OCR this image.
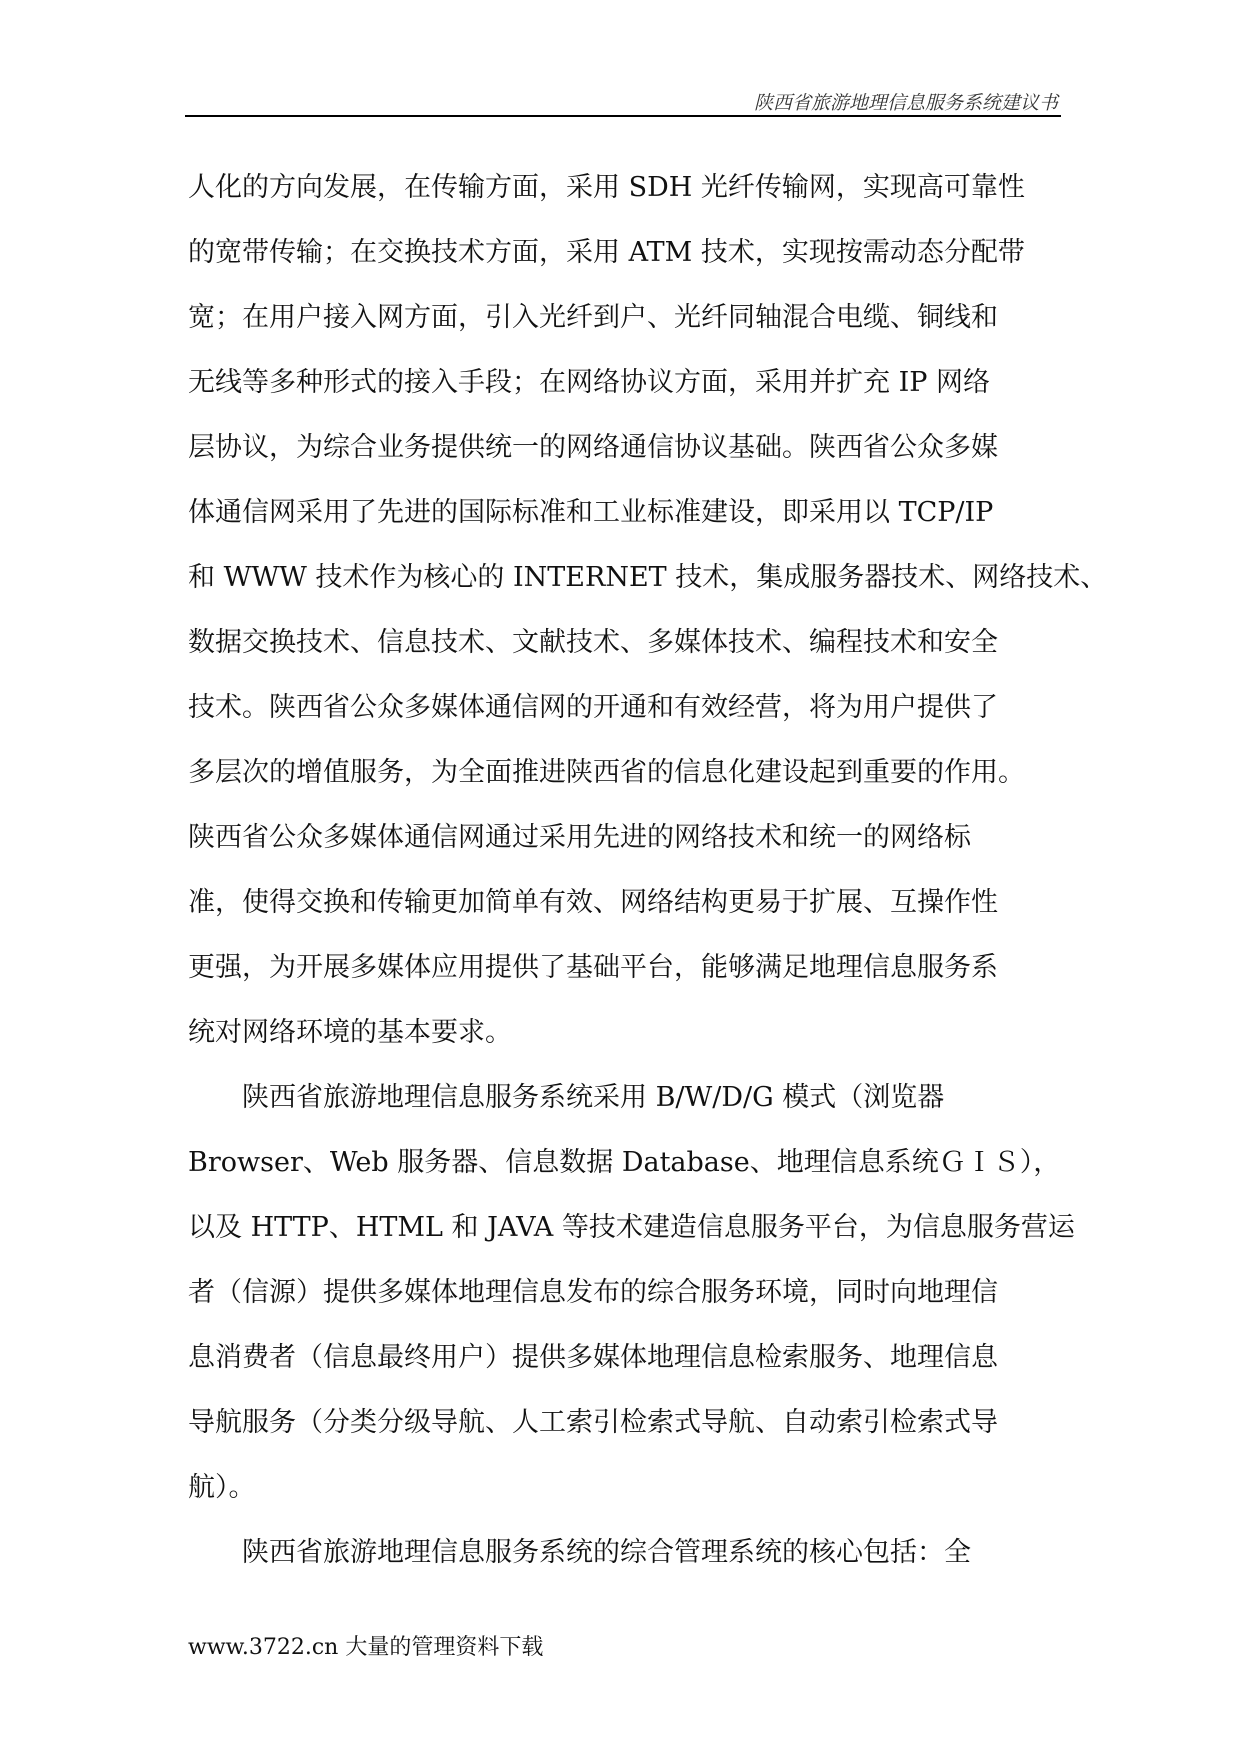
陕西省旅游地理信息服务系统建议书
人化的方向发展，在传输方面，采用 SDH 光纤传输网，实现高可靠性
的宽带传输；在交换技术方面，采用 ATM 技术，实现按需动态分配带
宽；在用户接入网方面，引入光纤到户、光纤同轴混合电缆、铜线和
无线等多种形式的接入手段；在网络协议方面，采用并扩充 IP 网络
层协议，为综合业务提供统一的网络通信协议基础。陕西省公众多媒
体通信网采用了先进的国际标准和工业标准建设，即采用以 TCP/IP
和 WWW 技术作为核心的 INTERNET 技术，集成服务器技术、网络技术、
数据交换技术、信息技术、文献技术、多媒体技术、编程技术和安全
技术。陕西省公众多媒体通信网的开通和有效经营，将为用户提供了
多层次的增值服务，为全面推进陕西省的信息化建设起到重要的作用。
陕西省公众多媒体通信网通过采用先进的网络技术和统一的网络标
准，使得交换和传输更加简单有效、网络结构更易于扩展、互操作性
更强，为开展多媒体应用提供了基础平台，能够满足地理信息服务系
统对网络环境的基本要求。
　　陕西省旅游地理信息服务系统采用 B/W/D/G 模式（浏览器
Browser、Web 服务器、信息数据 Database、地理信息系统ＧＩＳ），
以及 HTTP、HTML 和 JAVA 等技术建造信息服务平台，为信息服务营运
者（信源）提供多媒体地理信息发布的综合服务环境，同时向地理信
息消费者（信息最终用户）提供多媒体地理信息检索服务、地理信息
导航服务（分类分级导航、人工索引检索式导航、自动索引检索式导
航）。
　　陕西省旅游地理信息服务系统的综合管理系统的核心包括：全
www.3722.cn 大量的管理资料下载
